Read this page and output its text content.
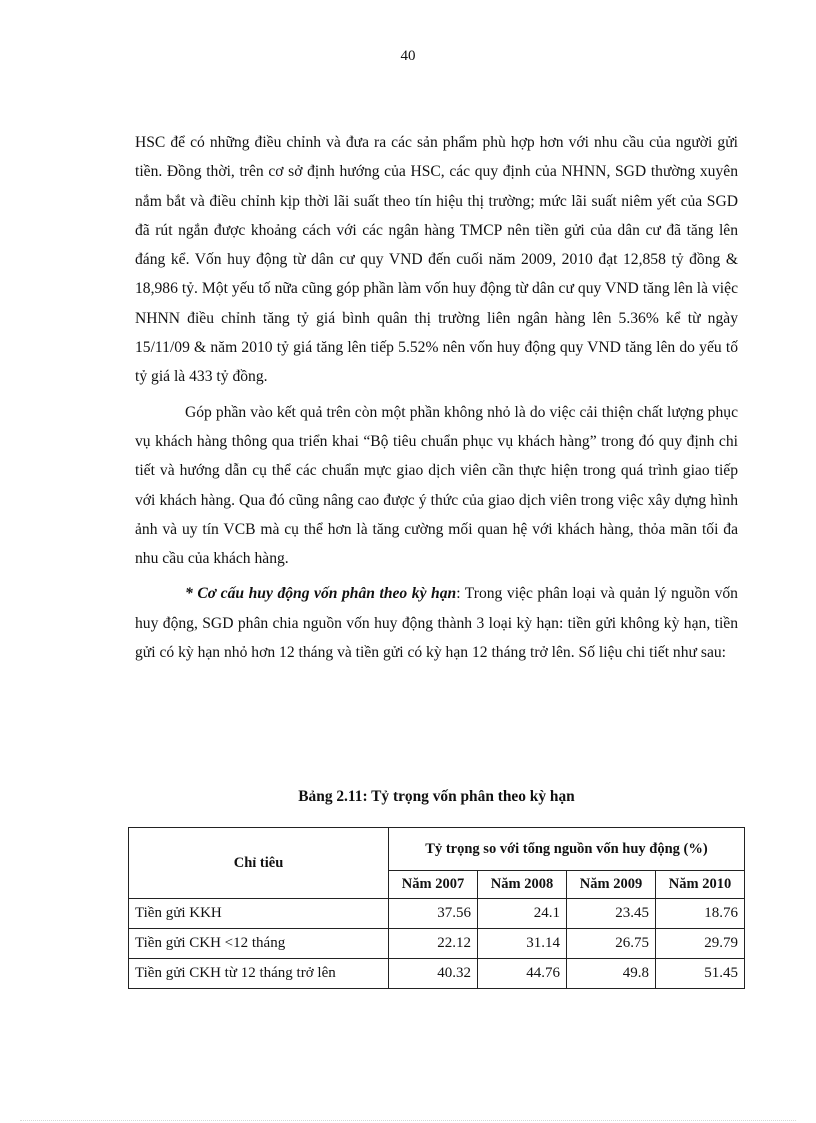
40

HSC để có những điều chỉnh và đưa ra các sản phẩm phù hợp hơn với nhu cầu của người gửi tiền. Đồng thời, trên cơ sở định hướng của HSC, các quy định của NHNN, SGD thường xuyên nắm bắt và điều chỉnh kịp thời lãi suất theo tín hiệu thị trường; mức lãi suất niêm yết của SGD đã rút ngắn được khoảng cách với các ngân hàng TMCP nên tiền gửi của dân cư đã tăng lên đáng kể. Vốn huy động từ dân cư quy VND đến cuối năm 2009, 2010 đạt 12,858 tỷ đồng & 18,986 tỷ. Một yếu tố nữa cũng góp phần làm vốn huy động từ dân cư quy VND tăng lên là việc NHNN điều chỉnh tăng tỷ giá bình quân thị trường liên ngân hàng lên 5.36% kể từ ngày 15/11/09 & năm 2010 tỷ giá tăng lên tiếp 5.52% nên vốn huy động quy VND tăng lên do yếu tố tỷ giá là 433 tỷ đồng.

Góp phần vào kết quả trên còn một phần không nhỏ là do việc cải thiện chất lượng phục vụ khách hàng thông qua triển khai “Bộ tiêu chuẩn phục vụ khách hàng” trong đó quy định chi tiết và hướng dẫn cụ thể các chuẩn mực giao dịch viên cần thực hiện trong quá trình giao tiếp với khách hàng. Qua đó cũng nâng cao được ý thức của giao dịch viên trong việc xây dựng hình ảnh và uy tín VCB mà cụ thể hơn là tăng cường mối quan hệ với khách hàng, thỏa mãn tối đa nhu cầu của khách hàng.

* Cơ cấu huy động vốn phân theo kỳ hạn: Trong việc phân loại và quản lý nguồn vốn huy động, SGD phân chia nguồn vốn huy động thành 3 loại kỳ hạn: tiền gửi không kỳ hạn, tiền gửi có kỳ hạn nhỏ hơn 12 tháng và tiền gửi có kỳ hạn 12 tháng trở lên. Số liệu chi tiết như sau:

Bảng 2.11: Tỷ trọng vốn phân theo kỳ hạn
Chỉ tiêu	Tỷ trọng so với tổng nguồn vốn huy động (%)			
	Năm 2007	Năm 2008	Năm 2009	Năm 2010
Tiền gửi KKH	37.56	24.1	23.45	18.76
Tiền gửi CKH <12 tháng	22.12	31.14	26.75	29.79
Tiền gửi CKH từ 12 tháng trở lên	40.32	44.76	49.8	51.45
